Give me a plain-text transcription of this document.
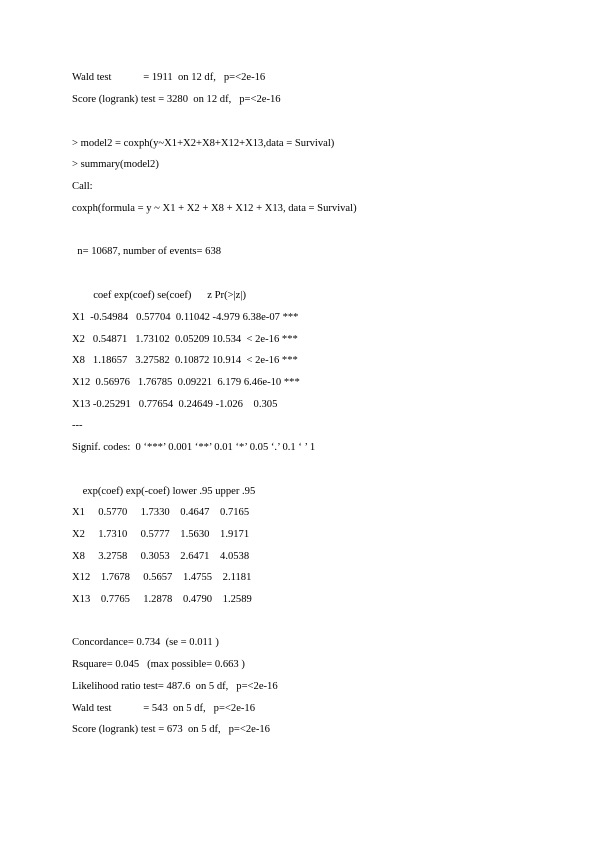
Wald test            = 1911  on 12 df,   p=<2e-16
Score (logrank) test = 3280  on 12 df,   p=<2e-16
> model2 = coxph(y~X1+X2+X8+X12+X13,data = Survival)
> summary(model2)
Call:
coxph(formula = y ~ X1 + X2 + X8 + X12 + X13, data = Survival)
n= 10687, number of events= 638
coef exp(coef) se(coef)      z Pr(>|z|)
X1  -0.54984   0.57704  0.11042 -4.979 6.38e-07 ***
X2   0.54871   1.73102  0.05209 10.534  < 2e-16 ***
X8   1.18657   3.27582  0.10872 10.914  < 2e-16 ***
X12  0.56976   1.76785  0.09221  6.179 6.46e-10 ***
X13 -0.25291   0.77654  0.24649 -1.026    0.305
---
Signif. codes:  0 ‘***’ 0.001 ‘**’ 0.01 ‘*’ 0.05 ‘.’ 0.1 ‘ ’ 1
exp(coef) exp(-coef) lower .95 upper .95
X1     0.5770     1.7330    0.4647    0.7165
X2     1.7310     0.5777    1.5630    1.9171
X8     3.2758     0.3053    2.6471    4.0538
X12    1.7678     0.5657    1.4755    2.1181
X13    0.7765     1.2878    0.4790    1.2589
Concordance= 0.734  (se = 0.011 )
Rsquare= 0.045   (max possible= 0.663 )
Likelihood ratio test= 487.6  on 5 df,   p=<2e-16
Wald test            = 543  on 5 df,   p=<2e-16
Score (logrank) test = 673  on 5 df,   p=<2e-16
